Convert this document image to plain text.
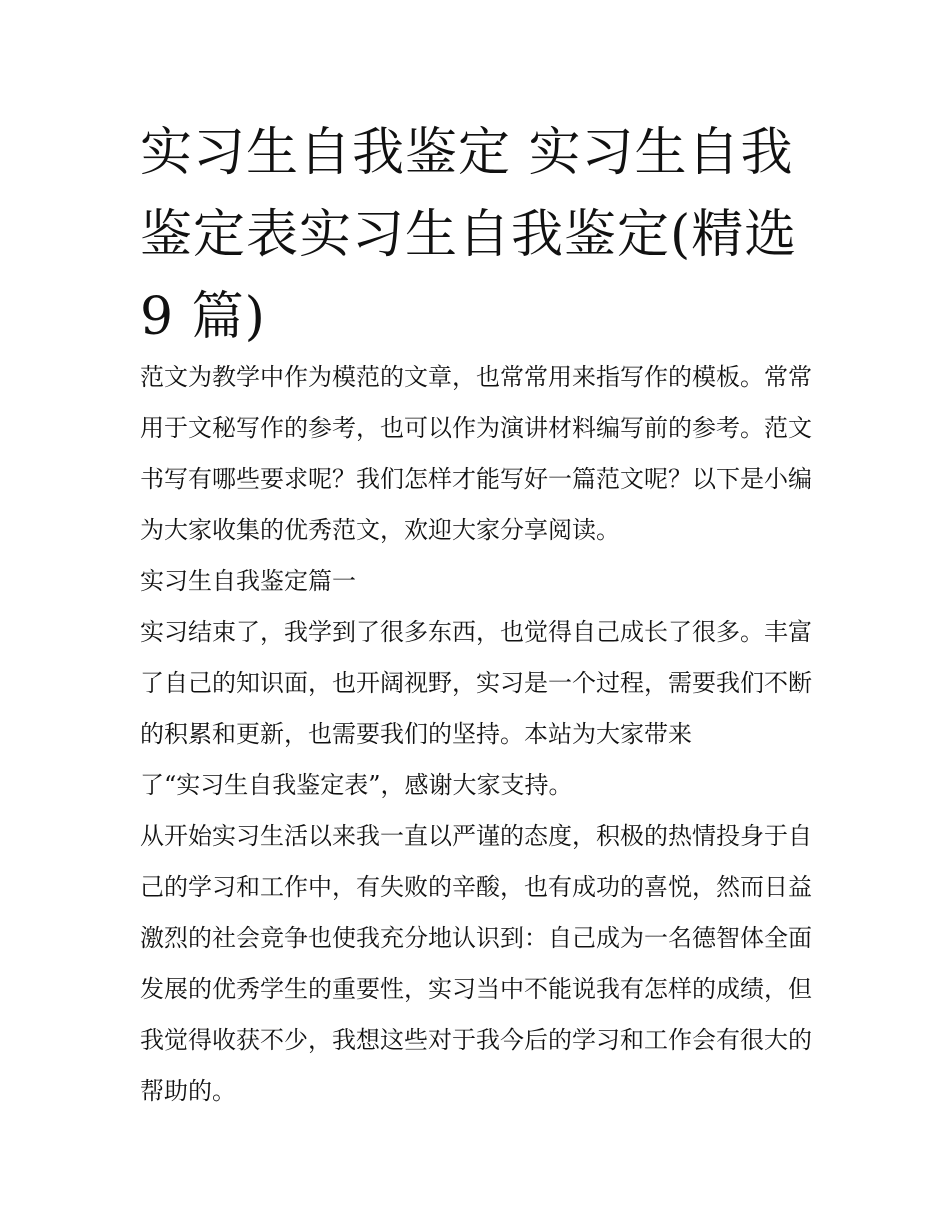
实习生自我鉴定 实习生自我鉴定表实习生自我鉴定(精选 9 篇)

范文为教学中作为模范的文章，也常常用来指写作的模板。常常用于文秘写作的参考，也可以作为演讲材料编写前的参考。范文书写有哪些要求呢？我们怎样才能写好一篇范文呢？以下是小编为大家收集的优秀范文，欢迎大家分享阅读。

实习生自我鉴定篇一

实习结束了，我学到了很多东西，也觉得自己成长了很多。丰富了自己的知识面，也开阔视野，实习是一个过程，需要我们不断的积累和更新，也需要我们的坚持。本站为大家带来

了“实习生自我鉴定表”，感谢大家支持。

从开始实习生活以来我一直以严谨的态度，积极的热情投身于自己的学习和工作中，有失败的辛酸，也有成功的喜悦，然而日益激烈的社会竞争也使我充分地认识到：自己成为一名德智体全面发展的优秀学生的重要性，实习当中不能说我有怎样的成绩，但我觉得收获不少，我想这些对于我今后的学习和工作会有很大的帮助的。
